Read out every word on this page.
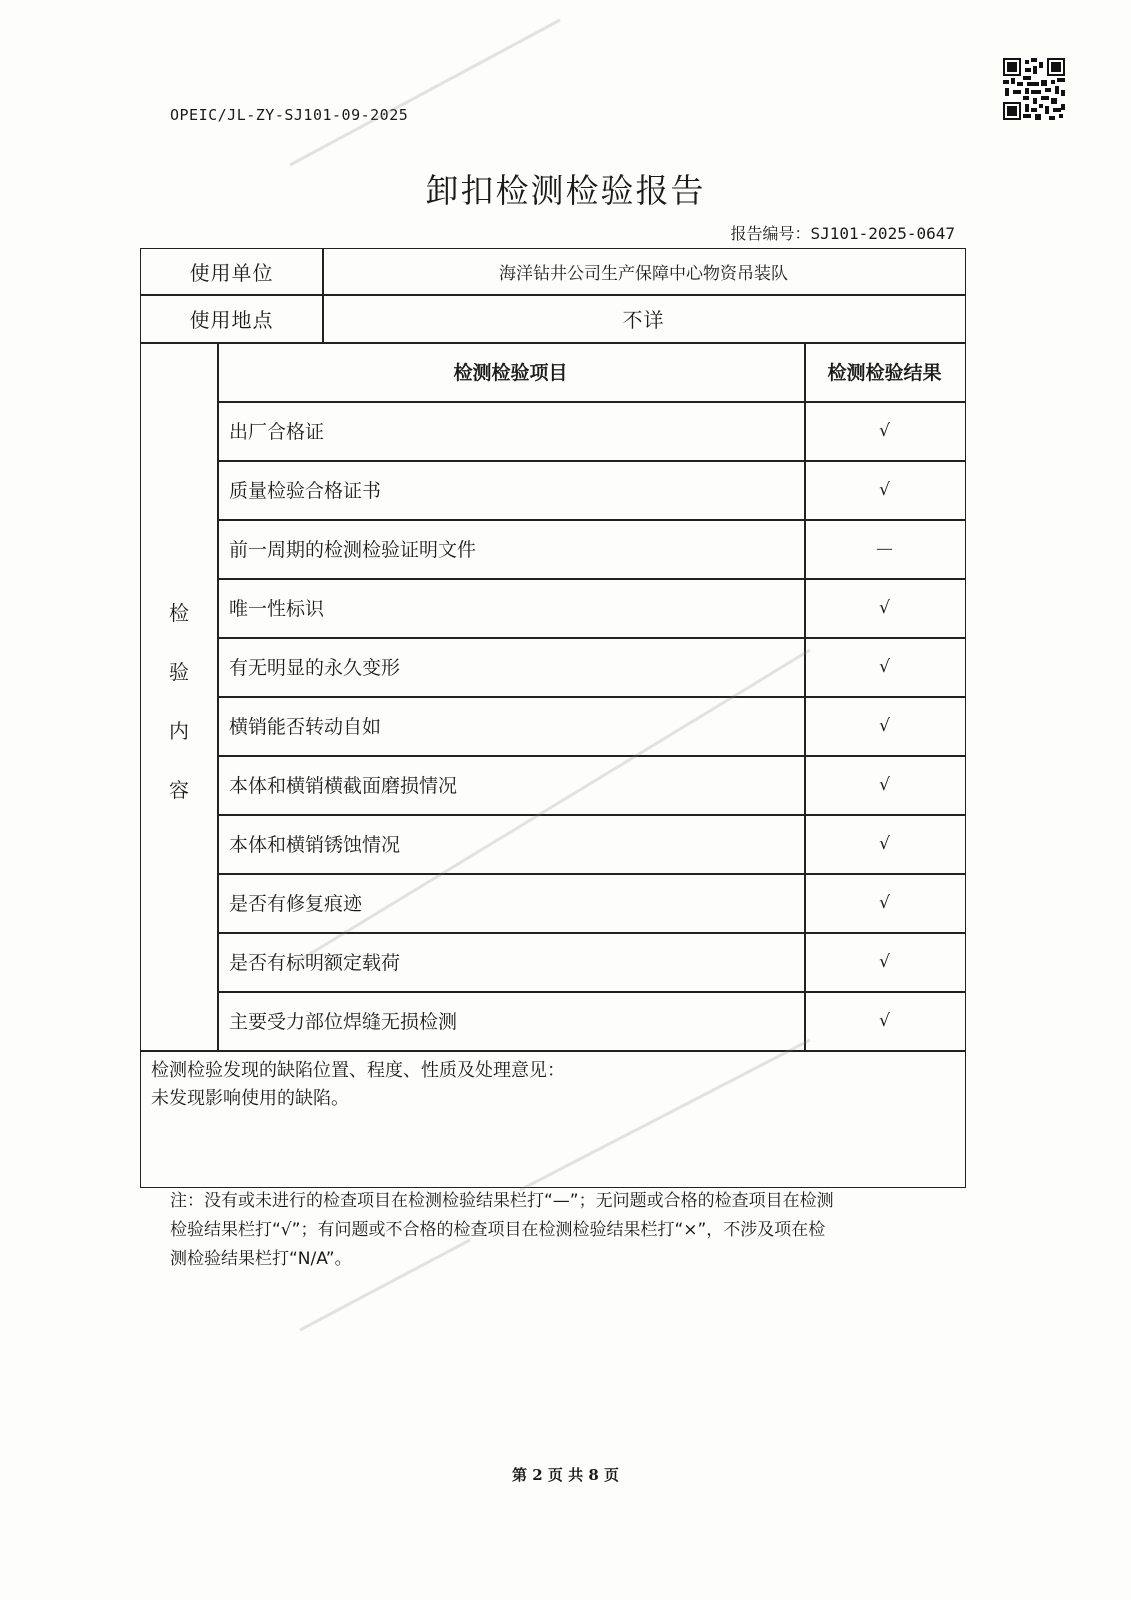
OPEIC/JL-ZY-SJ101-09-2025
卸扣检测检验报告
报告编号：SJ101-2025-0647
使用单位	海洋钻井公司生产保障中心物资吊装队
使用地点	不详
检
验
内
容
检测检验项目	检测检验结果
出厂合格证	√
质量检验合格证书	√
前一周期的检测检验证明文件	—
唯一性标识	√
有无明显的永久变形	√
横销能否转动自如	√
本体和横销横截面磨损情况	√
本体和横销锈蚀情况	√
是否有修复痕迹	√
是否有标明额定载荷	√
主要受力部位焊缝无损检测	√
检测检验发现的缺陷位置、程度、性质及处理意见：
未发现影响使用的缺陷。
注：没有或未进行的检查项目在检测检验结果栏打“—”；无问题或合格的检查项目在检测
检验结果栏打“√”；有问题或不合格的检查项目在检测检验结果栏打“×”，不涉及项在检
测检验结果栏打“N/A”。
第 2 页 共 8 页
